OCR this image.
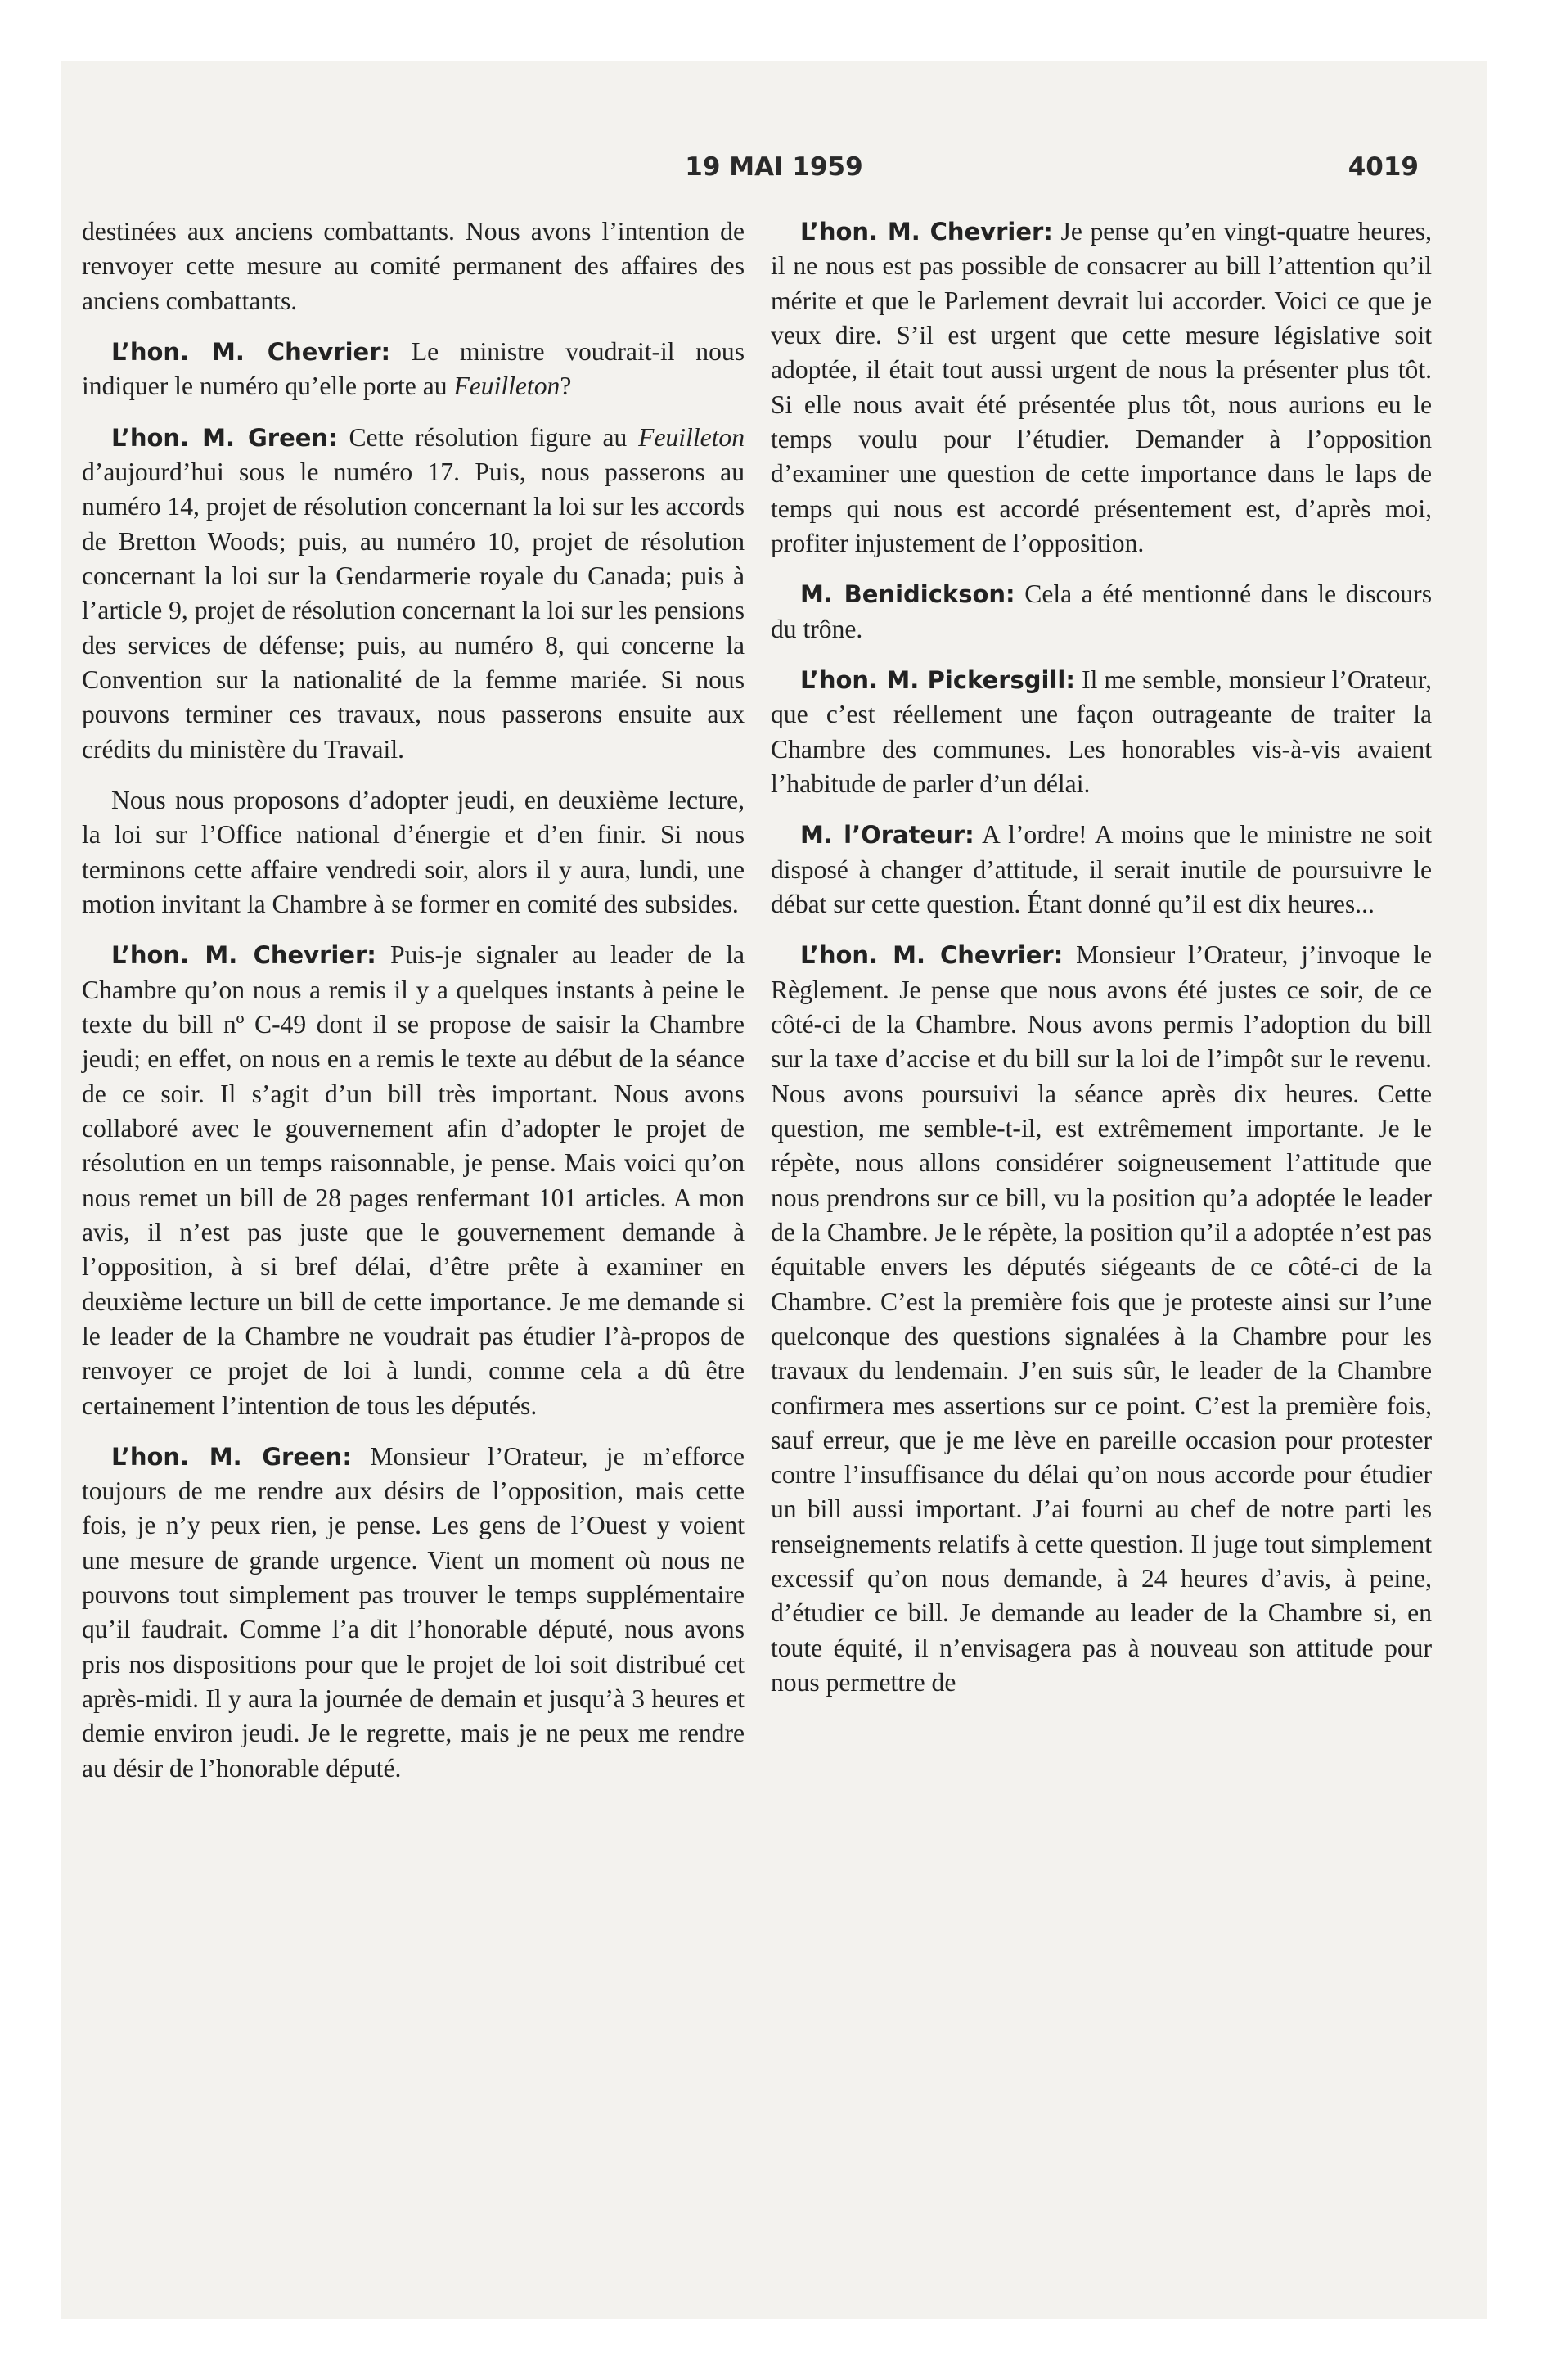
19 MAI 1959	4019

destinées aux anciens combattants. Nous avons l’intention de renvoyer cette mesure au comité permanent des affaires des anciens combattants.

L’hon. M. Chevrier: Le ministre voudrait-il nous indiquer le numéro qu’elle porte au Feuilleton?

L’hon. M. Green: Cette résolution figure au Feuilleton d’aujourd’hui sous le numéro 17. Puis, nous passerons au numéro 14, projet de résolution concernant la loi sur les accords de Bretton Woods; puis, au numéro 10, projet de résolution concernant la loi sur la Gendarmerie royale du Canada; puis à l’article 9, projet de résolution concernant la loi sur les pensions des services de défense; puis, au numéro 8, qui concerne la Convention sur la nationalité de la femme mariée. Si nous pouvons terminer ces travaux, nous passerons ensuite aux crédits du ministère du Travail.

Nous nous proposons d’adopter jeudi, en deuxième lecture, la loi sur l’Office national d’énergie et d’en finir. Si nous terminons cette affaire vendredi soir, alors il y aura, lundi, une motion invitant la Chambre à se former en comité des subsides.

L’hon. M. Chevrier: Puis-je signaler au leader de la Chambre qu’on nous a remis il y a quelques instants à peine le texte du bill nº C-49 dont il se propose de saisir la Chambre jeudi; en effet, on nous en a remis le texte au début de la séance de ce soir. Il s’agit d’un bill très important. Nous avons collaboré avec le gouvernement afin d’adopter le projet de résolution en un temps raisonnable, je pense. Mais voici qu’on nous remet un bill de 28 pages renfermant 101 articles. A mon avis, il n’est pas juste que le gouvernement demande à l’opposition, à si bref délai, d’être prête à examiner en deuxième lecture un bill de cette importance. Je me demande si le leader de la Chambre ne voudrait pas étudier l’à-propos de renvoyer ce projet de loi à lundi, comme cela a dû être certainement l’intention de tous les députés.

L’hon. M. Green: Monsieur l’Orateur, je m’efforce toujours de me rendre aux désirs de l’opposition, mais cette fois, je n’y peux rien, je pense. Les gens de l’Ouest y voient une mesure de grande urgence. Vient un moment où nous ne pouvons tout simplement pas trouver le temps supplémentaire qu’il faudrait. Comme l’a dit l’honorable député, nous avons pris nos dispositions pour que le projet de loi soit distribué cet après-midi. Il y aura la journée de demain et jusqu’à 3 heures et demie environ jeudi. Je le regrette, mais je ne peux me rendre au désir de l’honorable député.

L’hon. M. Chevrier: Je pense qu’en vingt-quatre heures, il ne nous est pas possible de consacrer au bill l’attention qu’il mérite et que le Parlement devrait lui accorder. Voici ce que je veux dire. S’il est urgent que cette mesure législative soit adoptée, il était tout aussi urgent de nous la présenter plus tôt. Si elle nous avait été présentée plus tôt, nous aurions eu le temps voulu pour l’étudier. Demander à l’opposition d’examiner une question de cette importance dans le laps de temps qui nous est accordé présentement est, d’après moi, profiter injustement de l’opposition.

M. Benidickson: Cela a été mentionné dans le discours du trône.

L’hon. M. Pickersgill: Il me semble, monsieur l’Orateur, que c’est réellement une façon outrageante de traiter la Chambre des communes. Les honorables vis-à-vis avaient l’habitude de parler d’un délai.

M. l’Orateur: A l’ordre! A moins que le ministre ne soit disposé à changer d’attitude, il serait inutile de poursuivre le débat sur cette question. Étant donné qu’il est dix heures...

L’hon. M. Chevrier: Monsieur l’Orateur, j’invoque le Règlement. Je pense que nous avons été justes ce soir, de ce côté-ci de la Chambre. Nous avons permis l’adoption du bill sur la taxe d’accise et du bill sur la loi de l’impôt sur le revenu. Nous avons poursuivi la séance après dix heures. Cette question, me semble-t-il, est extrêmement importante. Je le répète, nous allons considérer soigneusement l’attitude que nous prendrons sur ce bill, vu la position qu’a adoptée le leader de la Chambre. Je le répète, la position qu’il a adoptée n’est pas équitable envers les députés siégeants de ce côté-ci de la Chambre. C’est la première fois que je proteste ainsi sur l’une quelconque des questions signalées à la Chambre pour les travaux du lendemain. J’en suis sûr, le leader de la Chambre confirmera mes assertions sur ce point. C’est la première fois, sauf erreur, que je me lève en pareille occasion pour protester contre l’insuffisance du délai qu’on nous accorde pour étudier un bill aussi important. J’ai fourni au chef de notre parti les renseignements relatifs à cette question. Il juge tout simplement excessif qu’on nous demande, à 24 heures d’avis, à peine, d’étudier ce bill. Je demande au leader de la Chambre si, en toute équité, il n’envisagera pas à nouveau son attitude pour nous permettre de
